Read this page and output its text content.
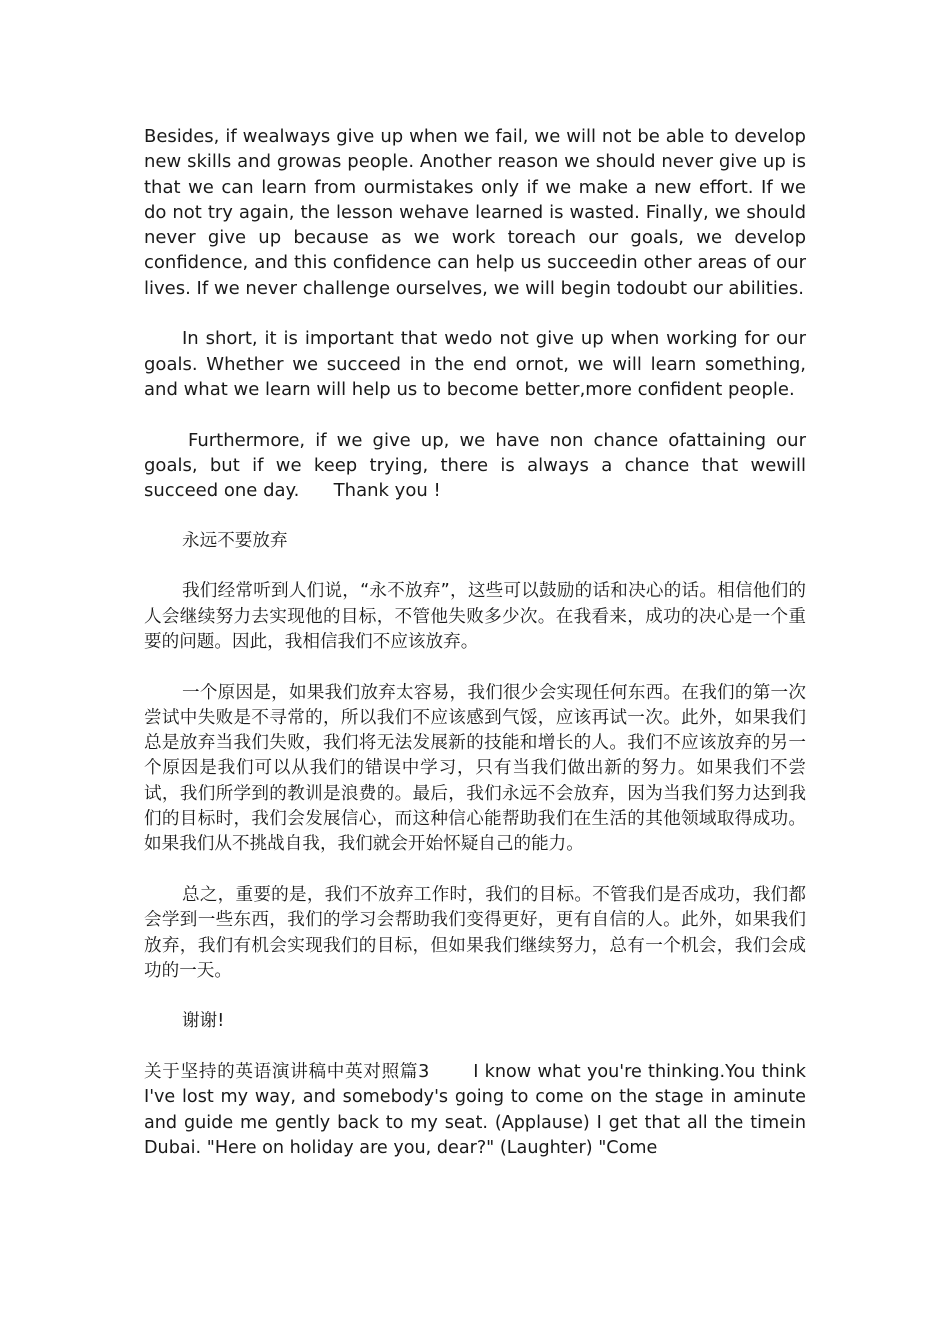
Besides, if wealways give up when we fail, we will not be able to develop new skills and growas people. Another reason we should never give up is that we can learn from ourmistakes only if we make a new effort. If we do not try again, the lesson wehave learned is wasted. Finally, we should never give up because as we work toreach our goals, we develop confidence, and this confidence can help us succeedin other areas of our lives. If we never challenge ourselves, we will begin todoubt our abilities.

In short, it is important that wedo not give up when working for our goals. Whether we succeed in the end ornot, we will learn something, and what we learn will help us to become better,more confident people.

Furthermore, if we give up, we have non chance ofattaining our goals, but if we keep trying, there is always a chance that wewill succeed one day.      Thank you !

永远不要放弃

我们经常听到人们说，“永不放弃”，这些可以鼓励的话和决心的话。相信他们的人会继续努力去实现他的目标，不管他失败多少次。在我看来，成功的决心是一个重要的问题。因此，我相信我们不应该放弃。

一个原因是，如果我们放弃太容易，我们很少会实现任何东西。在我们的第一次尝试中失败是不寻常的，所以我们不应该感到气馁，应该再试一次。此外，如果我们总是放弃当我们失败，我们将无法发展新的技能和增长的人。我们不应该放弃的另一个原因是我们可以从我们的错误中学习，只有当我们做出新的努力。如果我们不尝试，我们所学到的教训是浪费的。最后，我们永远不会放弃，因为当我们努力达到我们的目标时，我们会发展信心，而这种信心能帮助我们在生活的其他领域取得成功。如果我们从不挑战自我，我们就会开始怀疑自己的能力。

总之，重要的是，我们不放弃工作时，我们的目标。不管我们是否成功，我们都会学到一些东西，我们的学习会帮助我们变得更好，更有自信的人。此外，如果我们放弃，我们有机会实现我们的目标，但如果我们继续努力，总有一个机会，我们会成功的一天。

谢谢!

关于坚持的英语演讲稿中英对照篇3       I know what you're thinking.You think I've lost my way, and somebody's going to come on the stage in aminute and guide me gently back to my seat. (Applause) I get that all the timein Dubai. "Here on holiday are you, dear?" (Laughter) "Come
